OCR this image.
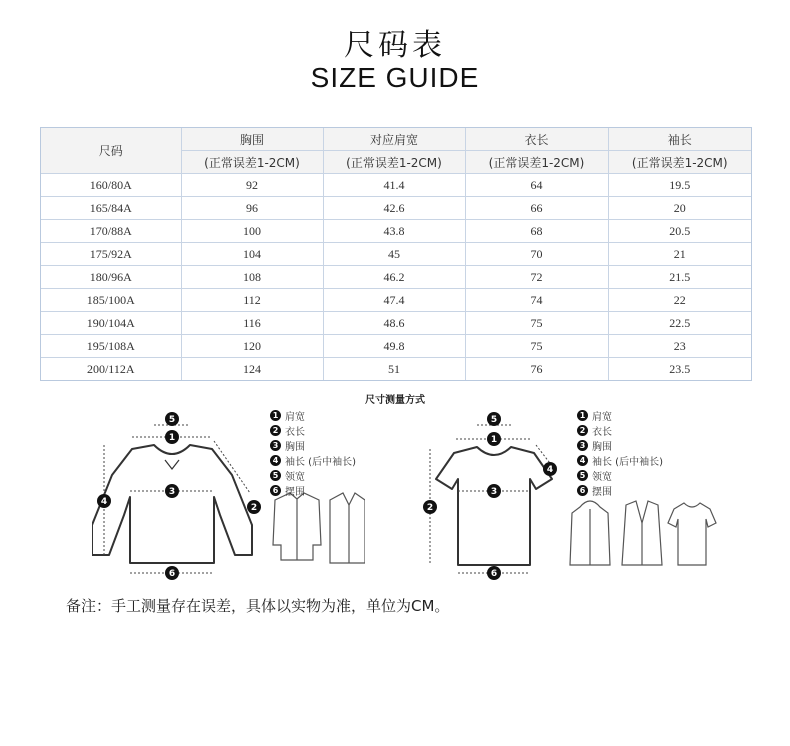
尺码表
SIZE GUIDE
尺码	胸围	对应肩宽	衣长	袖长
	(正常误差1-2CM)	(正常误差1-2CM)	(正常误差1-2CM)	(正常误差1-2CM)
160/80A	92	41.4	64	19.5
165/84A	96	42.6	66	20
170/88A	100	43.8	68	20.5
175/92A	104	45	70	21
180/96A	108	46.2	72	21.5
185/100A	112	47.4	74	22
190/104A	116	48.6	75	22.5
195/108A	120	49.8	75	23
200/112A	124	51	76	23.5
尺寸测量方式
5
1
3
4
2
6
1 肩宽
2 衣长
3 胸围
4 袖长 (后中袖长)
5 领宽
6 摆围
5
1
3
2
4
6
1 肩宽
2 衣长
3 胸围
4 袖长 (后中袖长)
5 领宽
6 摆围
备注：手工测量存在误差，具体以实物为准，单位为CM。
